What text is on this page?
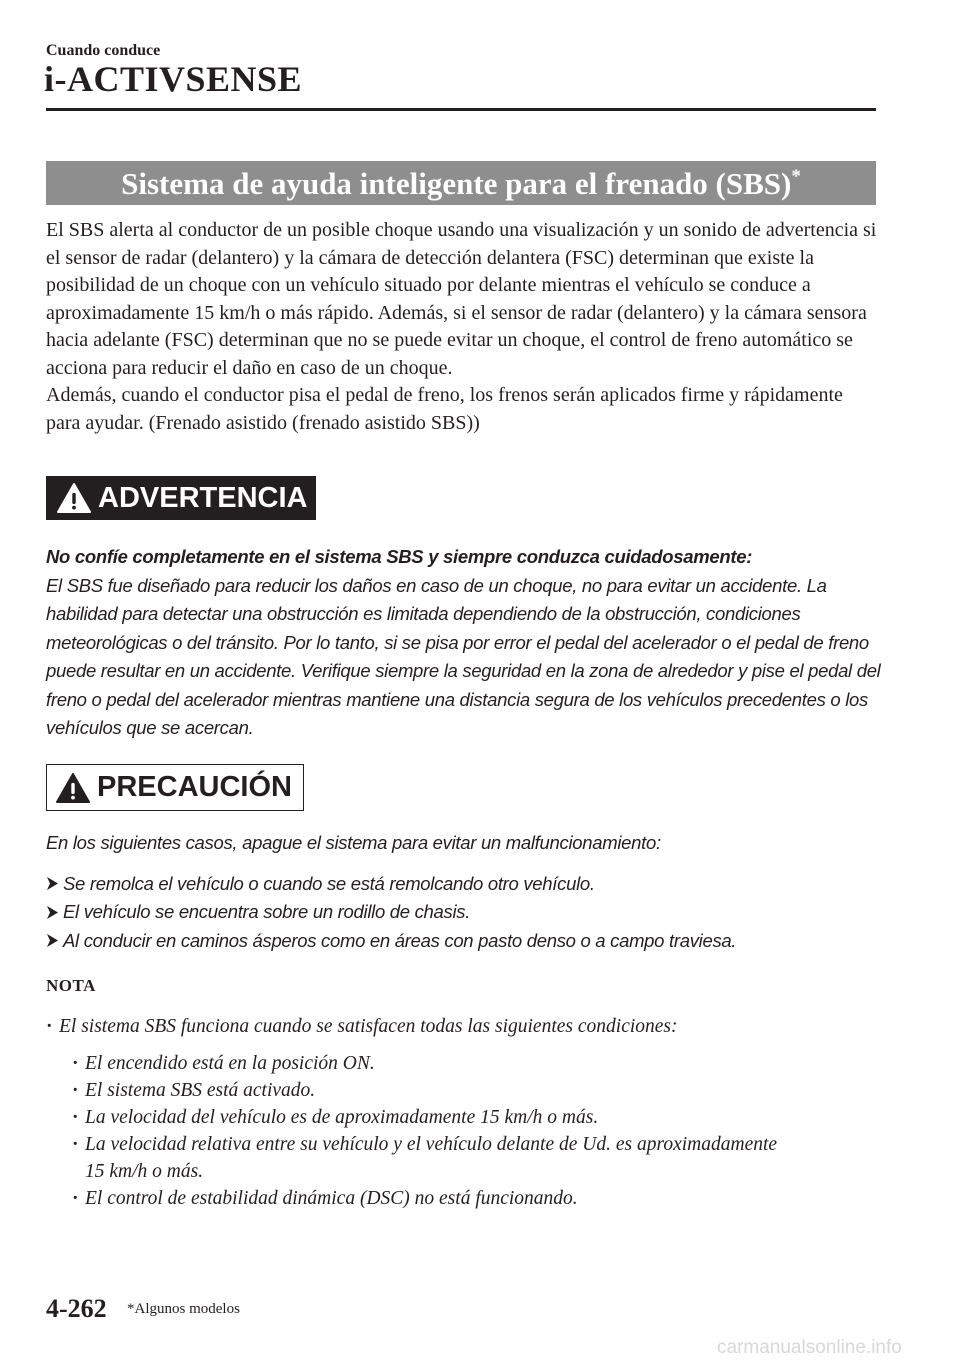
Cuando conduce
i-ACTIVSENSE
Sistema de ayuda inteligente para el frenado (SBS)*

El SBS alerta al conductor de un posible choque usando una visualización y un sonido de advertencia si el sensor de radar (delantero) y la cámara de detección delantera (FSC) determinan que existe la posibilidad de un choque con un vehículo situado por delante mientras el vehículo se conduce a aproximadamente 15 km/h o más rápido. Además, si el sensor de radar (delantero) y la cámara sensora hacia adelante (FSC) determinan que no se puede evitar un choque, el control de freno automático se acciona para reducir el daño en caso de un choque.

Además, cuando el conductor pisa el pedal de freno, los frenos serán aplicados firme y rápidamente para ayudar. (Frenado asistido (frenado asistido SBS))

ADVERTENCIA

No confíe completamente en el sistema SBS y siempre conduzca cuidadosamente:

El SBS fue diseñado para reducir los daños en caso de un choque, no para evitar un accidente. La habilidad para detectar una obstrucción es limitada dependiendo de la obstrucción, condiciones meteorológicas o del tránsito. Por lo tanto, si se pisa por error el pedal del acelerador o el pedal de freno puede resultar en un accidente. Verifique siempre la seguridad en la zona de alrededor y pise el pedal del freno o pedal del acelerador mientras mantiene una distancia segura de los vehículos precedentes o los vehículos que se acercan.

PRECAUCIÓN

En los siguientes casos, apague el sistema para evitar un malfuncionamiento:

Se remolca el vehículo o cuando se está remolcando otro vehículo.
El vehículo se encuentra sobre un rodillo de chasis.
Al conducir en caminos ásperos como en áreas con pasto denso o a campo traviesa.
NOTA
· El sistema SBS funciona cuando se satisfacen todas las siguientes condiciones:
· El encendido está en la posición ON.
· El sistema SBS está activado.
· La velocidad del vehículo es de aproximadamente 15 km/h o más.
· La velocidad relativa entre su vehículo y el vehículo delante de Ud. es aproximadamente 15 km/h o más.
· El control de estabilidad dinámica (DSC) no está funcionando.
4-262 *Algunos modelos
carmanualsonline.info
